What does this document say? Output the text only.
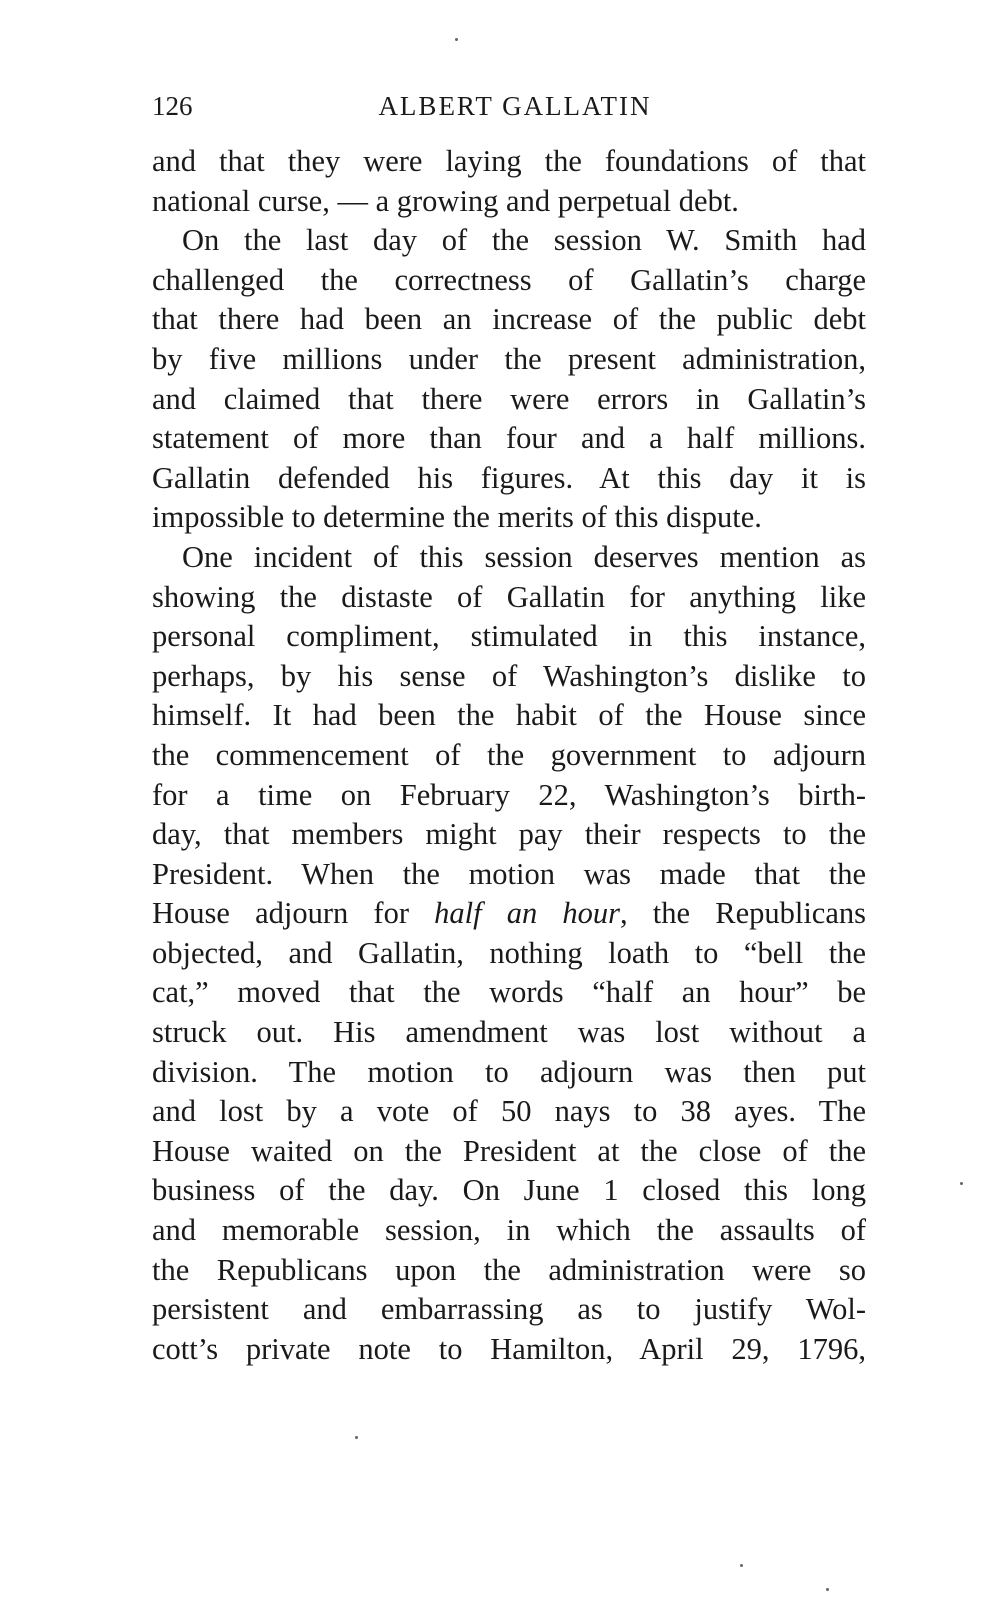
126	ALBERT GALLATIN
and that they were laying the foundations of that
national curse, — a growing and perpetual debt.
On the last day of the session W. Smith had
challenged the correctness of Gallatin’s charge
that there had been an increase of the public debt
by five millions under the present administration,
and claimed that there were errors in Gallatin’s
statement of more than four and a half millions.
Gallatin defended his figures. At this day it is
impossible to determine the merits of this dispute.
One incident of this session deserves mention as
showing the distaste of Gallatin for anything like
personal compliment, stimulated in this instance,
perhaps, by his sense of Washington’s dislike to
himself. It had been the habit of the House since
the commencement of the government to adjourn
for a time on February 22, Washington’s birth-
day, that members might pay their respects to the
President. When the motion was made that the
House adjourn for half an hour, the Republicans
objected, and Gallatin, nothing loath to “bell the
cat,” moved that the words “half an hour” be
struck out. His amendment was lost without a
division. The motion to adjourn was then put
and lost by a vote of 50 nays to 38 ayes. The
House waited on the President at the close of the
business of the day. On June 1 closed this long
and memorable session, in which the assaults of
the Republicans upon the administration were so
persistent and embarrassing as to justify Wol-
cott’s private note to Hamilton, April 29, 1796,
